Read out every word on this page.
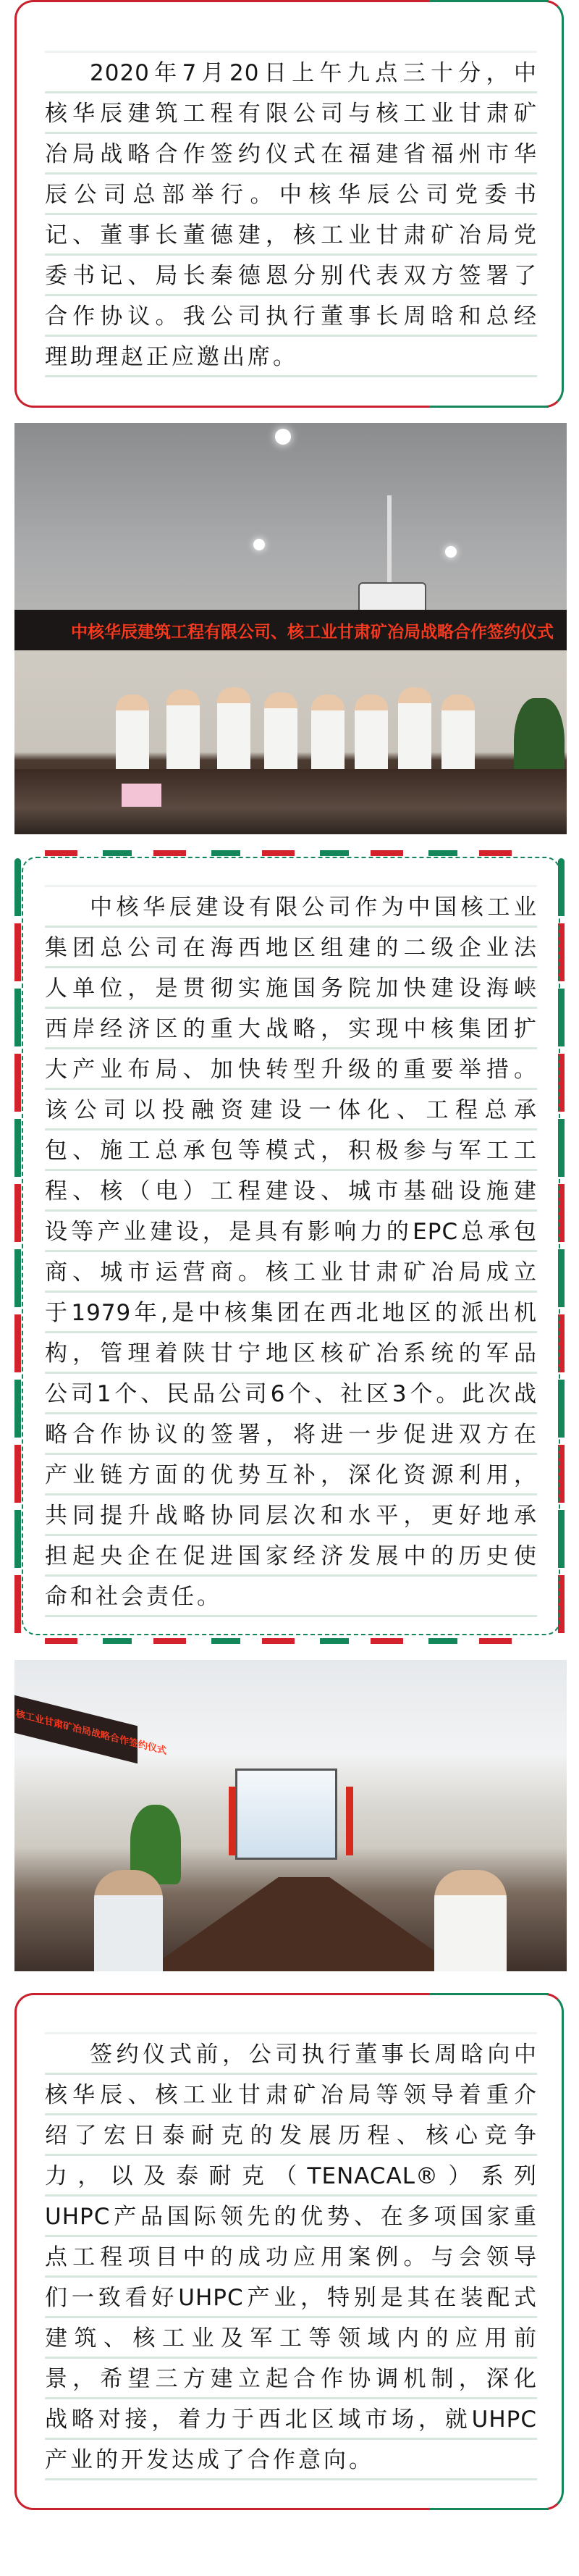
2020年7月20日上午九点三十分，中
核华辰建筑工程有限公司与核工业甘肃矿
冶局战略合作签约仪式在福建省福州市华
辰公司总部举行。中核华辰公司党委书
记、董事长董德建，核工业甘肃矿冶局党
委书记、局长秦德恩分别代表双方签署了
合作协议。我公司执行董事长周晗和总经
理助理赵正应邀出席。
中核华辰建筑工程有限公司、核工业甘肃矿冶局战略合作签约仪式
中核华辰建设有限公司作为中国核工业
集团总公司在海西地区组建的二级企业法
人单位，是贯彻实施国务院加快建设海峡
西岸经济区的重大战略，实现中核集团扩
大产业布局、加快转型升级的重要举措。
该公司以投融资建设一体化、工程总承
包、施工总承包等模式，积极参与军工工
程、核（电）工程建设、城市基础设施建
设等产业建设，是具有影响力的EPC总承包
商、城市运营商。核工业甘肃矿冶局成立
于1979年,是中核集团在西北地区的派出机
构，管理着陕甘宁地区核矿冶系统的军品
公司1个、民品公司6个、社区3个。此次战
略合作协议的签署，将进一步促进双方在
产业链方面的优势互补，深化资源利用，
共同提升战略协同层次和水平，更好地承
担起央企在促进国家经济发展中的历史使
命和社会责任。
核工业甘肃矿冶局战略合作签约仪式
签约仪式前，公司执行董事长周晗向中
核华辰、核工业甘肃矿冶局等领导着重介
绍了宏日泰耐克的发展历程、核心竞争
力，以及泰耐克（TENACAL®）系列
UHPC产品国际领先的优势、在多项国家重
点工程项目中的成功应用案例。与会领导
们一致看好UHPC产业，特别是其在装配式
建筑、核工业及军工等领域内的应用前
景，希望三方建立起合作协调机制，深化
战略对接，着力于西北区域市场，就UHPC
产业的开发达成了合作意向。
